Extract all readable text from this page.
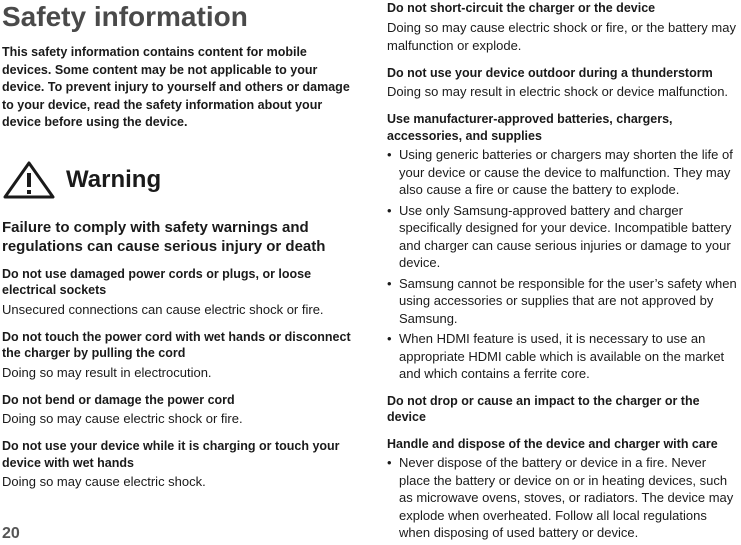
Safety information

This safety information contains content for mobile devices. Some content may be not applicable to your device. To prevent injury to yourself and others or damage to your device, read the safety information about your device before using the device.

Warning
Failure to comply with safety warnings and regulations can cause serious injury or death
Do not use damaged power cords or plugs, or loose electrical sockets

Unsecured connections can cause electric shock or fire.

Do not touch the power cord with wet hands or disconnect the charger by pulling the cord

Doing so may result in electrocution.

Do not bend or damage the power cord

Doing so may cause electric shock or fire.

Do not use your device while it is charging or touch your device with wet hands

Doing so may cause electric shock.

Do not short-circuit the charger or the device

Doing so may cause electric shock or fire, or the battery may malfunction or explode.

Do not use your device outdoor during a thunderstorm

Doing so may result in electric shock or device malfunction.

Use manufacturer-approved batteries, chargers, accessories, and supplies
• Using generic batteries or chargers may shorten the life of your device or cause the device to malfunction. They may also cause a fire or cause the battery to explode.
• Use only Samsung-approved battery and charger specifically designed for your device. Incompatible battery and charger can cause serious injuries or damage to your device.
• Samsung cannot be responsible for the user’s safety when using accessories or supplies that are not approved by Samsung.
• When HDMI feature is used, it is necessary to use an appropriate HDMI cable which is available on the market and which contains a ferrite core.
Do not drop or cause an impact to the charger or the device
Handle and dispose of the device and charger with care
• Never dispose of the battery or device in a fire. Never place the battery or device on or in heating devices, such as microwave ovens, stoves, or radiators. The device may explode when overheated. Follow all local regulations when disposing of used battery or device.
20
